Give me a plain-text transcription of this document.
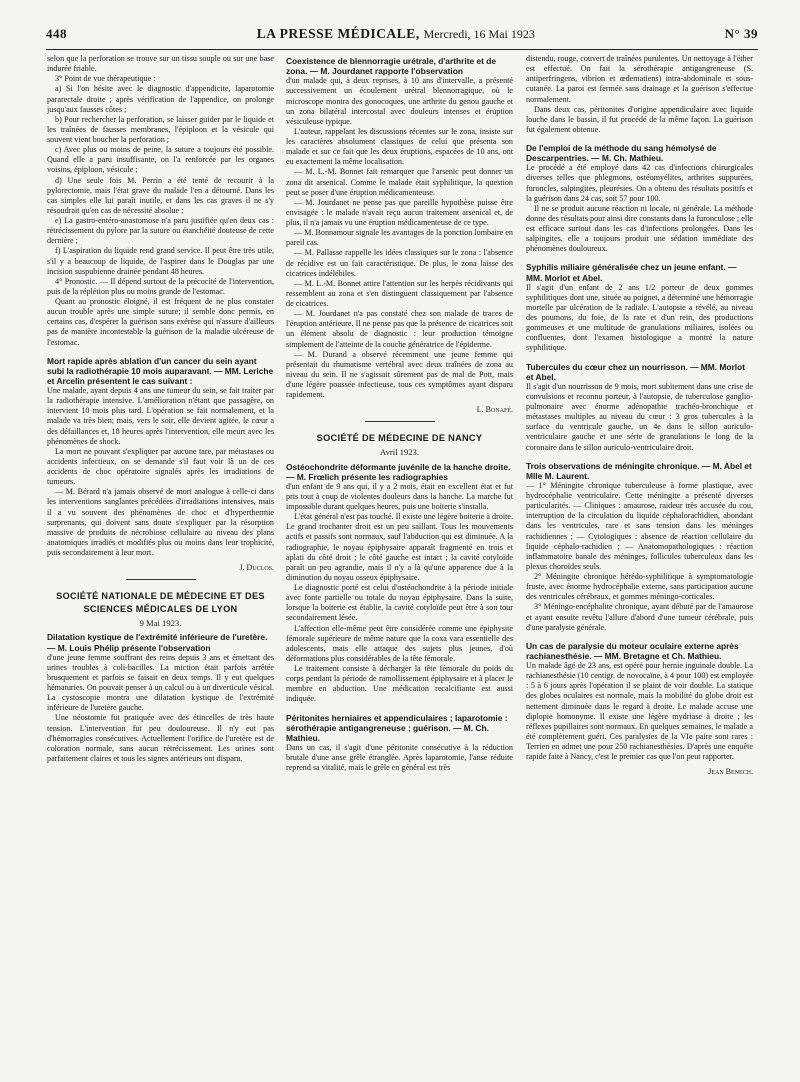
448	LA PRESSE MÉDICALE, Mercredi, 16 Mai 1923	N° 39

selon que la perforation se trouve sur un tissu souple ou sur une base indurée friable.

3° Point de vue thérapeutique :

a) Si l'on hésite avec le diagnostic d'appendicite, laparotomie pararectale droite ; après vérification de l'appendice, on prolonge jusqu'aux fausses côtes ;

b) Pour rechercher la perforation, se laisser guider par le liquide et les traînées de fausses membranes, l'épiploon et la vésicule qui souvent vient boucher la perforation ;

c) Avec plus ou moins de peine, la suture a toujours été possible. Quand elle a paru insuffisante, on l'a renforcée par les organes voisins, épiploon, vésicule ;

d) Une seule fois M. Perrin a été tenté de recourir à la pylorectomie, mais l'état grave du malade l'en a détourné. Dans les cas simples elle lui paraît inutile, et dans les cas graves il ne s'y résoudrait qu'en cas de nécessité absolue ;

e) La gastro-entéro-anastomose n'a paru justifiée qu'en deux cas : rétrécissement du pylore par la suture ou étanchéité douteuse de cette dernière ;

f) L'aspiration du liquide rend grand service. Il peut être très utile, s'il y a beaucoup de liquide, de l'aspirer dans le Douglas par une incision suspubienne drainée pendant 48 heures.

4° Pronostic. — Il dépend surtout de la précocité de l'intervention, puis de la réplétion plus ou moins grande de l'estomac.

Quant au pronostic éloigné, il est fréquent de ne plus constater aucun trouble après une simple suture; il semble donc permis, en certains cas, d'espérer la guérison sans exérèse qui n'assure d'ailleurs pas de manière incontestable la guérison de la maladie ulcéreuse de l'estomac.

Mort rapide après ablation d'un cancer du sein ayant subi la radiothérapie 10 mois auparavant. — MM. Leriche et Arcelin présentent le cas suivant :

Une malade, ayant depuis 4 ans une tumeur du sein, se fait traiter par la radiothérapie intensive. L'amélioration n'étant que passagère, on intervient 10 mois plus tard. L'opération se fait normalement, et la malade va très bien; mais, vers le soir, elle devient agitée, le cœur a des défaillances et, 18 heures après l'intervention, elle meurt avec les phénomènes de shock.

La mort ne pouvant s'expliquer par aucune tare, par métastases ou accidents infectieux, on se demande s'il faut voir là un de ces accidents de choc opératoire signalés après les irradiations de tumeurs.

— M. Bérard n'a jamais observé de mort analogue à celle-ci dans les interventions sanglantes précédées d'irradiations intensives, mais il a vu souvent des phénomènes de choc et d'hyperthermie surprenants, qui doivent sans doute s'expliquer par la résorption massive de produits de nécrobiose cellulaire au niveau des plans anatomiques irradiés et modifiés plus ou moins dans leur trophicité, puis secondairement à leur mort.

J. Duclos.
SOCIÉTÉ NATIONALE DE MÉDECINE ET DES SCIENCES MÉDICALES DE LYON
9 Mai 1923.
Dilatation kystique de l'extrémité inférieure de l'uretère. — M. Louis Phélip présente l'observation

d'une jeune femme souffrant des reins depuis 3 ans et émettant des urines troubles à coli-bacilles. La miction était parfois arrêtée brusquement et parfois se faisait en deux temps. Il y eut quelques hématuries. On pouvait penser à un calcul ou à un diverticule vésical. La cystoscopie montra une dilatation kystique de l'extrémité inférieure de l'uretère gauche.

Une néostomie fut pratiquée avec des étincelles de très haute tension. L'intervention fut peu douloureuse. Il n'y eut pas d'hémorragies consécutives. Actuellement l'orifice de l'uretère est de coloration normale, sans aucun rétrécissement. Les urines sont parfaitement claires et tous les signes antérieurs ont disparu.

Coexistence de blennorragie urétrale, d'arthrite et de zona. — M. Jourdanet rapporte l'observation

d'un malade qui, à deux reprises, à 10 ans d'intervalle, a présenté successivement un écoulement urétral blennorragique, où le microscope montra des gonocoques, une arthrite du genou gauche et un zona bilatéral intercostal avec douleurs intenses et éruption vésiculeuse typique.

L'auteur, rappelant les discussions récentes sur le zona, insiste sur les caractères absolument classiques de celui que présenta son malade et sur ce fait que les deux éruptions, espacées de 10 ans, ont eu exactement la même localisation.

— M. L.-M. Bonnet fait remarquer que l'arsenic peut donner un zona dit arsenical. Comme le malade était syphilitique, la question peut se poser d'une éruption médicamenteuse.

— M. Jourdanet ne pense pas que pareille hypothèse puisse être envisagée : le malade n'avait reçu aucun traitement arsenical et, de plus, il n'a jamais vu une éruption médicamenteuse de ce type.

— M. Bonnamour signale les avantages de la ponction lombaire en pareil cas.

— M. Pallasse rappelle les idées classiques sur le zona : l'absence de récidive est un fait caractéristique. De plus, le zona laisse des cicatrices indélébiles.

— M. L.-M. Bonnet attire l'attention sur les herpès récidivants qui ressemblent au zona et s'en distinguent classiquement par l'absence de cicatrices.

— M. Jourdanet n'a pas constaté chez son malade de traces de l'éruption antérieure. Il ne pense pas que la présence de cicatrices soit un élément absolu de diagnostic : leur production témoigne simplement de l'atteinte de la couche génératrice de l'épiderme.

— M. Durand a observé récemment une jeune femme qui présentait du rhumatisme vertébral avec deux traînées de zona au niveau du sein. Il ne s'agissait sûrement pas de mal de Pott, mais d'une légère poussée infectieuse, tous ces symptômes ayant disparu rapidement.

L. Bonafé.
SOCIÉTÉ DE MÉDECINE DE NANCY
Avril 1923.
Ostéochondrite déformante juvénile de la hanche droite. — M. Frœlich présente les radiographies

d'un enfant de 9 ans qui, il y a 2 mois, était en excellent état et fut pris tout à coup de violentes douleurs dans la hanche. La marche fut impossible durant quelques heures, puis une boiterie s'installa.

L'état général n'est pas touché. Il existe une légère boiterie à droite. Le grand trochanter droit est un peu saillant. Tous les mouvements actifs et passifs sont normaux, sauf l'abduction qui est diminuée. A la radiographie, le noyau épiphysaire apparaît fragmenté en trois et aplati du côté droit ; le côté gauche est intact ; la cavité cotyloïde paraît un peu agrandie, mais il n'y a là qu'une apparence due à la diminution du noyau osseux épiphysaire.

Le diagnostic porté est celui d'ostéochondrite à la période initiale avec fonte partielle ou totale du noyau épiphysaire. Dans la suite, lorsque la boiterie est établie, la cavité cotyloïde peut être à son tour secondairement lésée.

L'affection elle-même peut être considérée comme une épiphysite fémorale supérieure de même nature que la coxa vara essentielle des adolescents, mais elle attaque des sujets plus jeunes, d'où déformations plus considérables de la tête fémorale.

Le traitement consiste à décharger la tête fémorale du poids du corps pendant la période de ramollissement épiphysaire et à placer le membre en abduction. Une médication recalcifiante est aussi indiquée.

Péritonites herniaires et appendiculaires ; laparotomie : sérothérapie antigangreneuse ; guérison. — M. Ch. Mathieu.

Dans un cas, il s'agit d'une péritonite consécutive à la réduction brutale d'une anse grêle étranglée. Après laparotomie, l'anse réduite reprend sa vitalité, mais le grêle en général est très

distendu, rouge, couvert de traînées purulentes. Un nettoyage à l'éther est effectué. On fait la sérothérapie antigangreneuse (S. antiperfringens, vibrion et œdematiens) intra-abdominale et sous-cutanée. La paroi est fermée sans drainage et la guérison s'effectue normalement.

Dans deux cas, péritonites d'origine appendiculaire avec liquide louche dans le bassin, il fut procédé de la même façon. La guérison fut également obtenue.

De l'emploi de la méthode du sang hémolysé de Descarpentries. — M. Ch. Mathieu.

Le procédé a été employé dans 42 cas d'infections chirurgicales diverses telles que phlegmons, ostéomyélites, arthrites suppurées, furoncles, salpingites, pleurésies. On a obtenu des résultats positifs et la guérison dans 24 cas, soit 57 pour 100.

Il ne se produit aucune réaction ni locale, ni générale. La méthode donne des résultats pour ainsi dire constants dans la furonculose ; elle est efficace surtout dans les cas d'infections prolongées. Dans les salpingites, elle a toujours produit une sédation immédiate des phénomènes douloureux.

Syphilis miliaire généralisée chez un jeune enfant. — MM. Morlot et Abel.

Il s'agit d'un enfant de 2 ans 1/2 porteur de deux gommes syphilitiques dont une, située au poignet, a déterminé une hémorragie mortelle par ulcération de la radiale. L'autopsie a révélé, au niveau des poumons, du foie, de la rate et d'un rein, des productions gommeuses et une multitude de granulations miliaires, isolées ou confluentes, dont l'examen histologique a montré la nature syphilitique.

Tubercules du cœur chez un nourrisson. — MM. Morlot et Abel.

Il s'agit d'un nourrisson de 9 mois, mort subitement dans une crise de convulsions et reconnu porteur, à l'autopsie, de tuberculose ganglio-pulmonaire avec énorme adénopathie trachéo-bronchique et métastases multiples au niveau du cœur : 3 gros tubercules à la surface du ventricule gauche, un 4e dans le sillon auriculo-ventriculaire gauche et une série de granulations le long de la coronaire dans le sillon auriculo-ventriculaire droit.

Trois observations de méningite chronique. — M. Abel et Mlle M. Laurent.

— 1° Méningite chronique tuberculeuse à forme plastique, avec hydrocéphalie ventriculaire. Cette méningite a présenté diverses particularités. — Cliniques : amaurose, raideur très accusée du cou, interruption de la circulation du liquide céphalorachidien, abondant dans les ventricules, rare et sans tension dans les méninges rachidiennes ; — Cytologiques : absence de réaction cellulaire du liquide céphalo-rachidien ; — Anatomopathologiques : réaction inflammatoire banale des méninges, follicules tuberculeux dans les plexus choroïdes seuls.

2° Méningite chronique hérédo-syphilitique à symptomatologie fruste, avec énorme hydrocéphalie externe, sans participation aucune des ventricules cérébraux, et gommes méningo-corticales.

3° Méningo-encéphalite chronique, ayant débuté par de l'amaurose et ayant ensuite revêtu l'allure d'abord d'une tumeur cérébrale, puis d'une paralysie générale.

Un cas de paralysie du moteur oculaire externe après rachianesthésie. — MM. Bretagne et Ch. Mathieu.

Un malade âgé de 23 ans, est opéré pour hernie inguinale double. La rachianesthésie (10 centigr. de novocaïne, à 4 pour 100) est employée : 5 à 6 jours après l'opération il se plaint de voir double. La statique des globes oculaires est normale, mais la mobilité du globe droit est nettement diminuée dans le regard à droite. Le malade accuse une diplopie homonyme. Il existe une légère mydriase à droite ; les réflexes pupillaires sont normaux. En quelques semaines, le malade a été complètement guéri. Ces paralysies de la VIe paire sont rares : Terrien en admet une pour 250 rachianesthésies. D'après une enquête rapide faite à Nancy, c'est le premier cas que l'on peut rapporter.

Jean Benech.
